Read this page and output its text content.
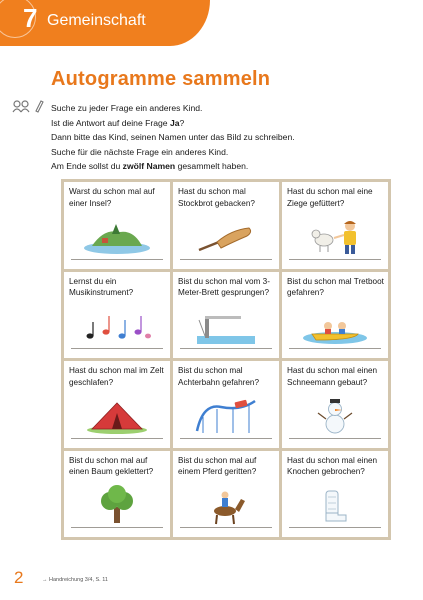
7 Gemeinschaft
Autogramme sammeln

Suche zu jeder Frage ein anderes Kind.

Ist die Antwort auf deine Frage Ja?

Dann bitte das Kind, seinen Namen unter das Bild zu schreiben.

Suche für die nächste Frage ein anderes Kind.

Am Ende sollst du zwölf Namen gesammelt haben.

Warst du schon mal auf einer Insel?
Hast du schon mal Stockbrot gebacken?
Hast du schon mal eine Ziege gefüttert?
Lernst du ein Musikinstrument?
Bist du schon mal vom 3-Meter-Brett gesprungen?
Bist du schon mal Tretboot gefahren?
Hast du schon mal im Zelt geschlafen?
Bist du schon mal Achterbahn gefahren?
Hast du schon mal einen Schneemann gebaut?
Bist du schon mal auf einen Baum geklettert?
Bist du schon mal auf einem Pferd geritten?
Hast du schon mal einen Knochen gebrochen?
2	→ Handreichung 3/4, S. 11
